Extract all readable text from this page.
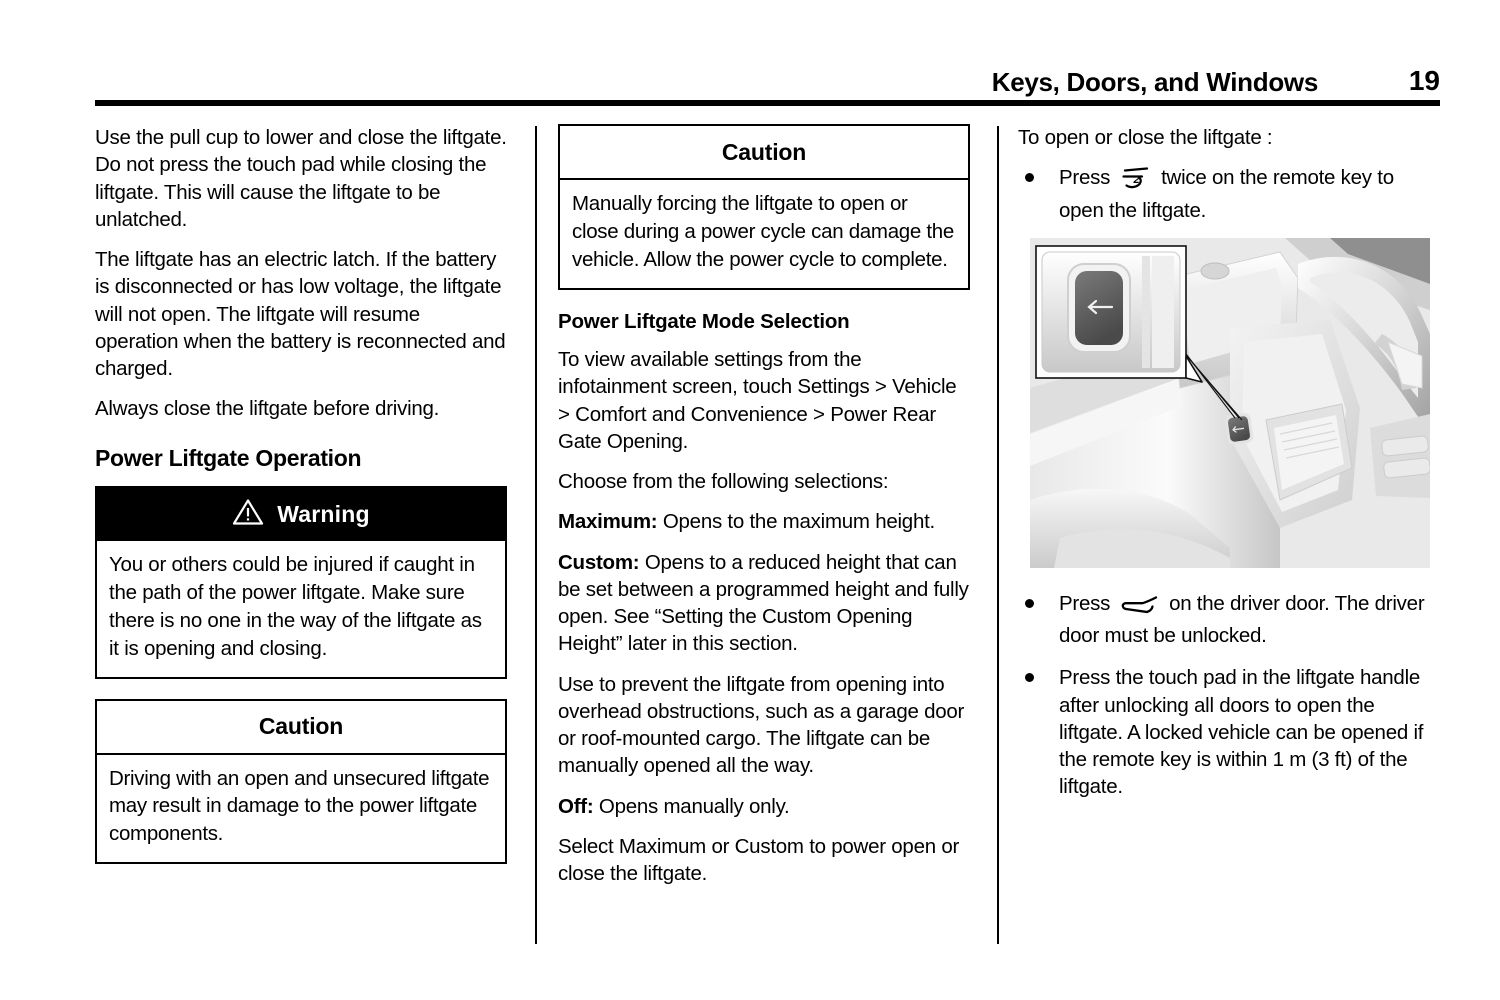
Keys, Doors, and Windows	19

Use the pull cup to lower and close the liftgate. Do not press the touch pad while closing the liftgate. This will cause the liftgate to be unlatched.

The liftgate has an electric latch. If the battery is disconnected or has low voltage, the liftgate will not open. The liftgate will resume operation when the battery is reconnected and charged.

Always close the liftgate before driving.

Power Liftgate Operation
Warning

You or others could be injured if caught in the path of the power liftgate. Make sure there is no one in the way of the liftgate as it is opening and closing.

Caution

Driving with an open and unsecured liftgate may result in damage to the power liftgate components.

Caution

Manually forcing the liftgate to open or close during a power cycle can damage the vehicle. Allow the power cycle to complete.

Power Liftgate Mode Selection

To view available settings from the infotainment screen, touch Settings > Vehicle > Comfort and Convenience > Power Rear Gate Opening.

Choose from the following selections:

Maximum: Opens to the maximum height.

Custom: Opens to a reduced height that can be set between a programmed height and fully open. See “Setting the Custom Opening Height” later in this section.

Use to prevent the liftgate from opening into overhead obstructions, such as a garage door or roof-mounted cargo. The liftgate can be manually opened all the way.

Off: Opens manually only.

Select Maximum or Custom to power open or close the liftgate.

To open or close the liftgate :

Press 2 twice on the remote key to open the liftgate.
Press	on the driver door. The driver door must be unlocked.
Press the touch pad in the liftgate handle after unlocking all doors to open the liftgate. A locked vehicle can be opened if the remote key is within 1 m (3 ft) of the liftgate.
